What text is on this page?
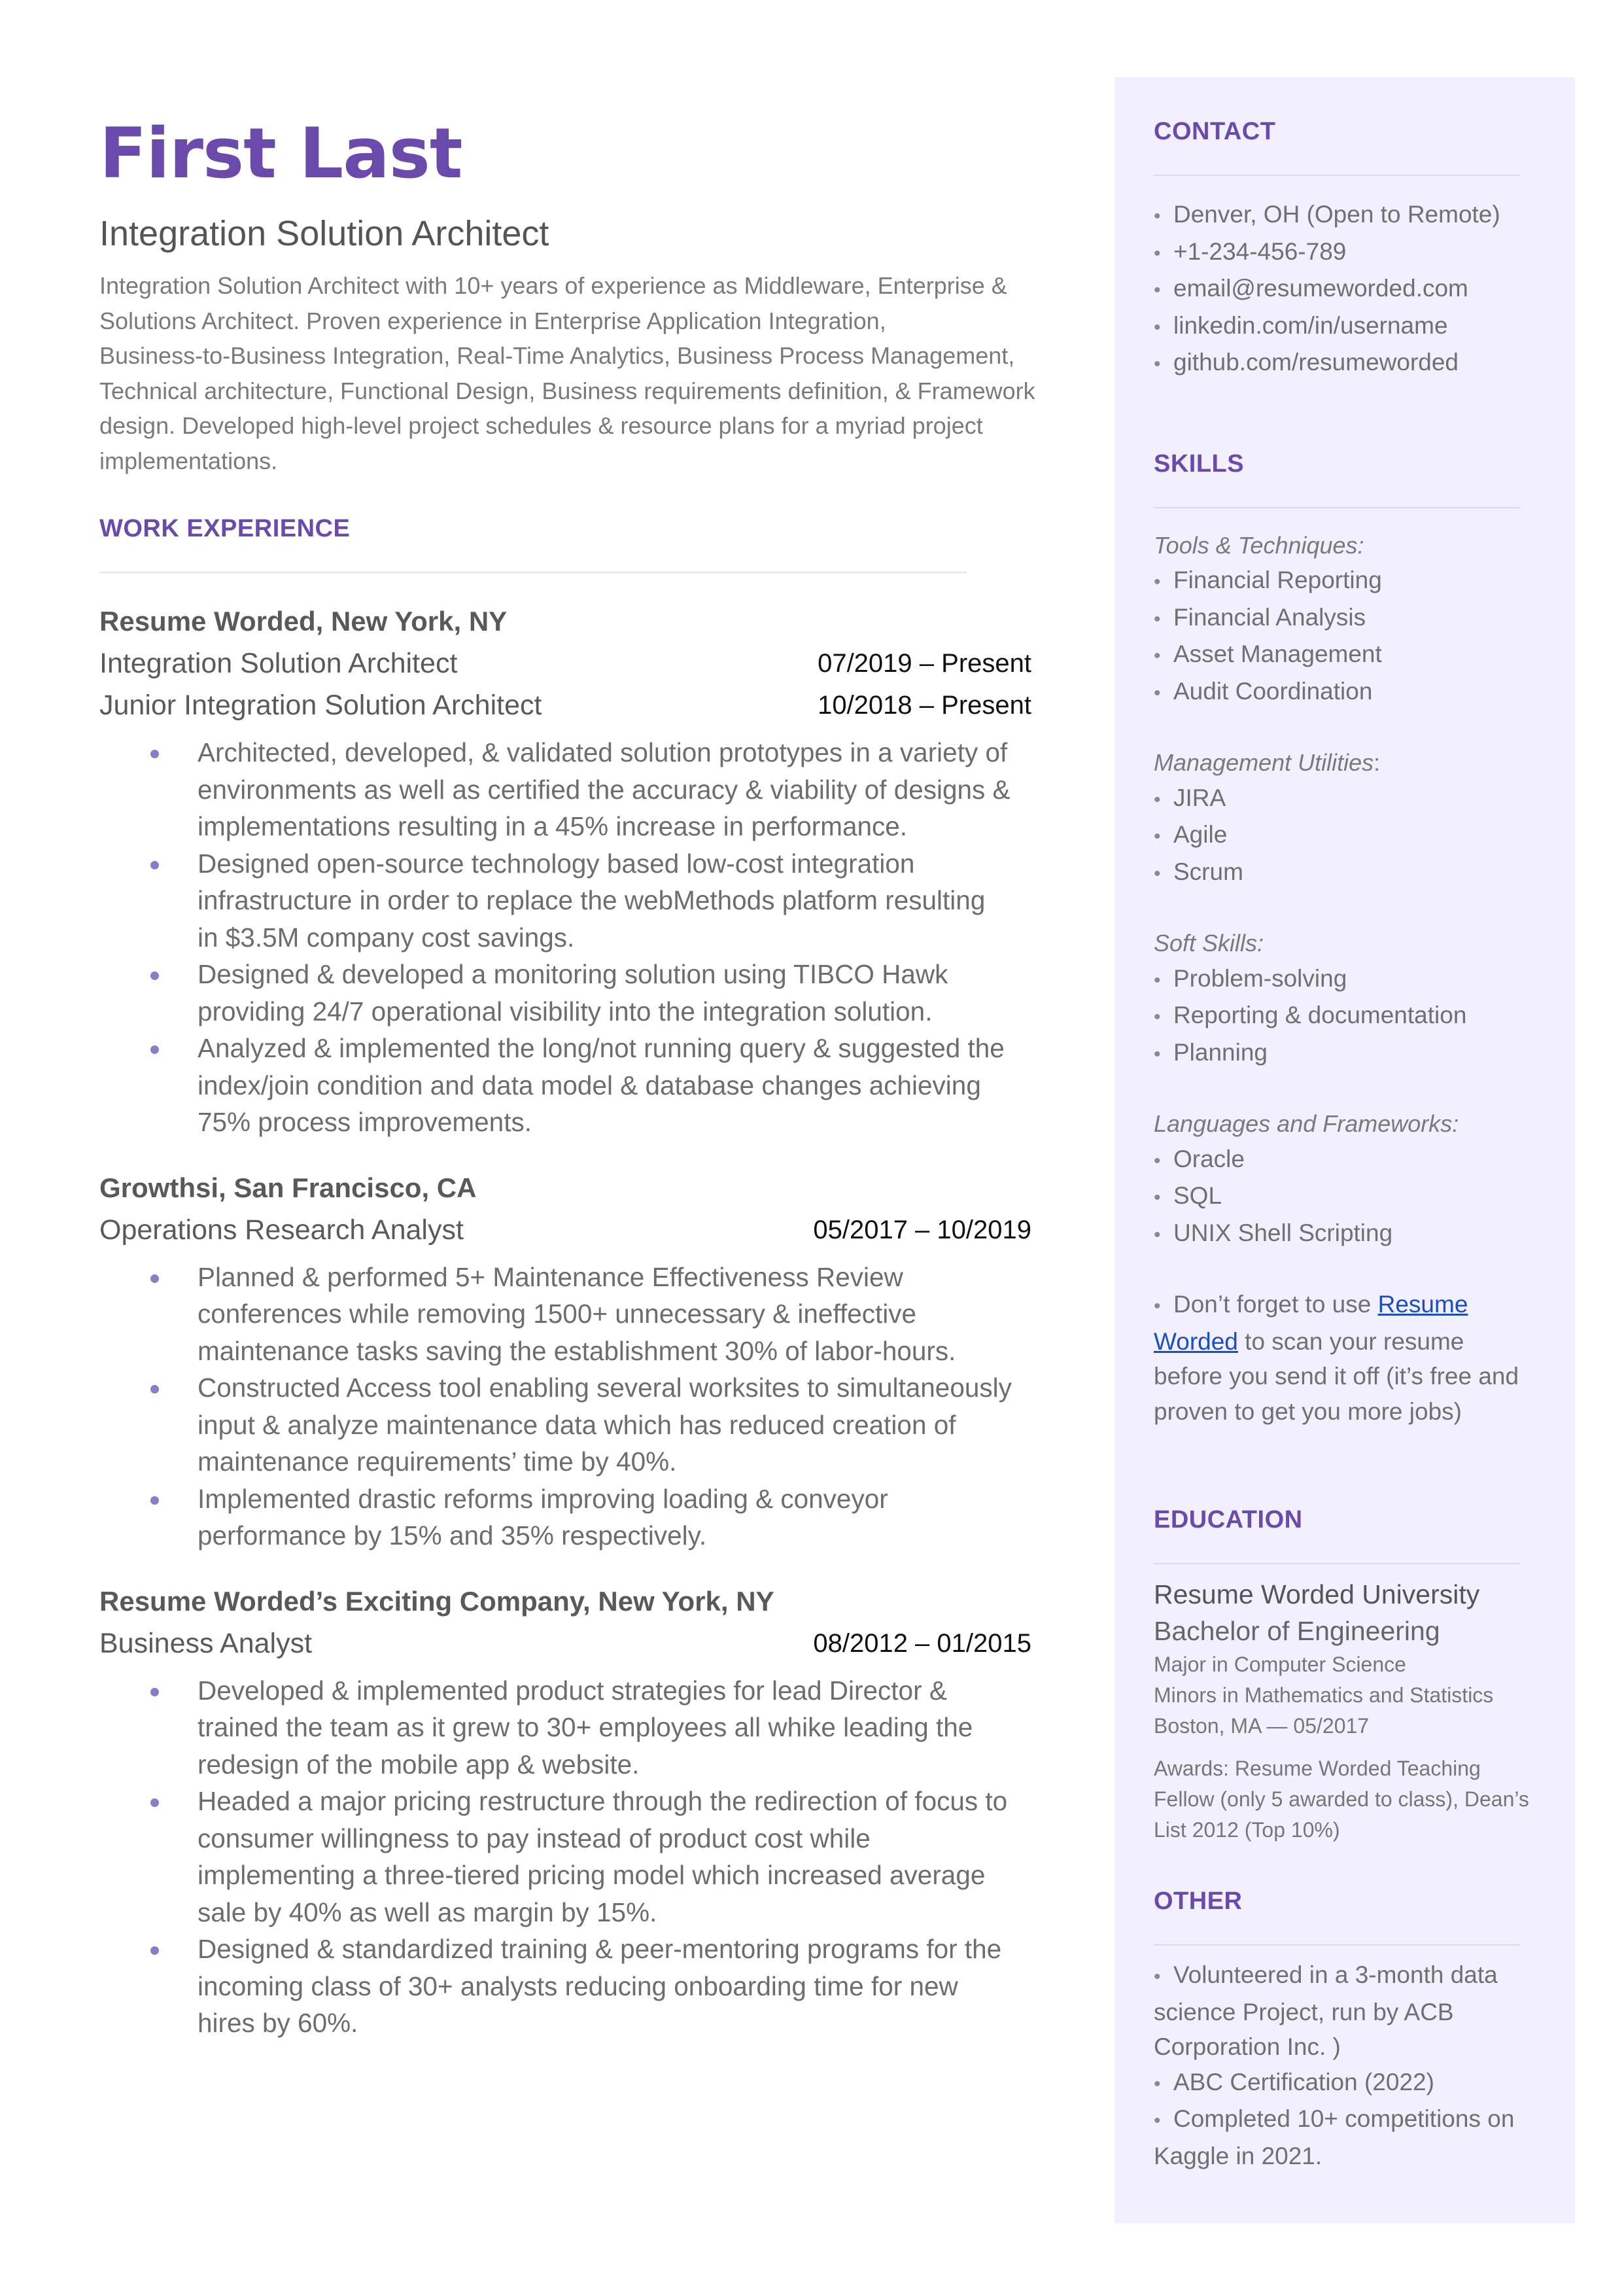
First Last
Integration Solution Architect
Integration Solution Architect with 10+ years of experience as Middleware, Enterprise &
Solutions Architect. Proven experience in Enterprise Application Integration,
Business-to-Business Integration, Real-Time Analytics, Business Process Management,
Technical architecture, Functional Design, Business requirements definition, & Framework
design. Developed high-level project schedules & resource plans for a myriad project
implementations.
WORK EXPERIENCE
Resume Worded, New York, NY
Integration Solution Architect	07/2019 – Present
Junior Integration Solution Architect	10/2018 – Present
Architected, developed, & validated solution prototypes in a variety of
environments as well as certified the accuracy & viability of designs &
implementations resulting in a 45% increase in performance.
Designed open-source technology based low-cost integration
infrastructure in order to replace the webMethods platform resulting
in $3.5M company cost savings.
Designed & developed a monitoring solution using TIBCO Hawk
providing 24/7 operational visibility into the integration solution.
Analyzed & implemented the long/not running query & suggested the
index/join condition and data model & database changes achieving
75% process improvements.
Growthsi, San Francisco, CA
Operations Research Analyst	05/2017 – 10/2019
Planned & performed 5+ Maintenance Effectiveness Review
conferences while removing 1500+ unnecessary & ineffective
maintenance tasks saving the establishment 30% of labor-hours.
Constructed Access tool enabling several worksites to simultaneously
input & analyze maintenance data which has reduced creation of
maintenance requirements’ time by 40%.
Implemented drastic reforms improving loading & conveyor
performance by 15% and 35% respectively.
Resume Worded’s Exciting Company, New York, NY
Business Analyst	08/2012 – 01/2015
Developed & implemented product strategies for lead Director &
trained the team as it grew to 30+ employees all whike leading the
redesign of the mobile app & website.
Headed a major pricing restructure through the redirection of focus to
consumer willingness to pay instead of product cost while
implementing a three-tiered pricing model which increased average
sale by 40% as well as margin by 15%.
Designed & standardized training & peer-mentoring programs for the
incoming class of 30+ analysts reducing onboarding time for new
hires by 60%.
CONTACT
• Denver, OH (Open to Remote)
• +1-234-456-789
• email@resumeworded.com
• linkedin.com/in/username
• github.com/resumeworded
SKILLS
Tools & Techniques:
• Financial Reporting
• Financial Analysis
• Asset Management
• Audit Coordination
Management Utilities:
• JIRA
• Agile
• Scrum
Soft Skills:
• Problem-solving
• Reporting & documentation
• Planning
Languages and Frameworks:
• Oracle
• SQL
• UNIX Shell Scripting
• Don’t forget to use Resume
Worded to scan your resume
before you send it off (it’s free and
proven to get you more jobs)
EDUCATION
Resume Worded University
Bachelor of Engineering
Major in Computer Science
Minors in Mathematics and Statistics
Boston, MA — 05/2017
Awards: Resume Worded Teaching
Fellow (only 5 awarded to class), Dean’s
List 2012 (Top 10%)
OTHER
• Volunteered in a 3-month data
science Project, run by ACB
Corporation Inc. )
• ABC Certification (2022)
• Completed 10+ competitions on
Kaggle in 2021.
